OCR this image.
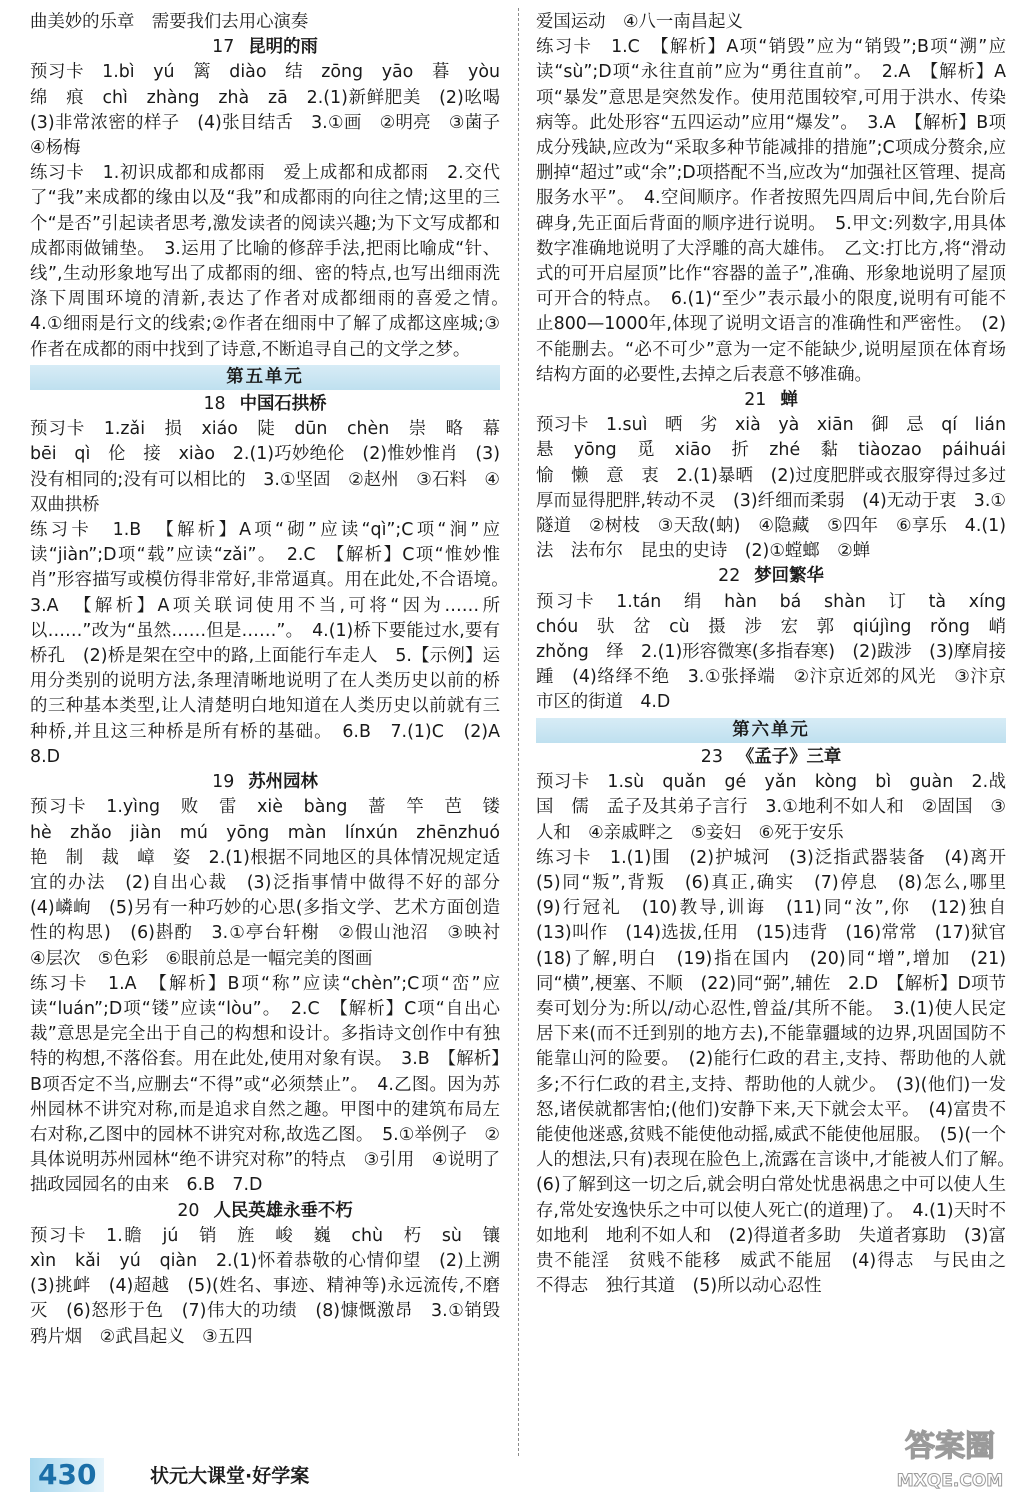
曲美妙的乐章　需要我们去用心演奏

17 昆明的雨

预习卡　1.bì　yú　篱　diào　结　zōng　yāo　暮　yòu　绵　痕　chì　zhàng　zhà　zā　2.(1)新鲜肥美　(2)吆喝　(3)非常浓密的样子　(4)张目结舌　3.①画　②明亮　③菌子　④杨梅

练习卡　1.初识成都和成都雨　爱上成都和成都雨　2.交代了“我”来成都的缘由以及“我”和成都雨的向往之情;这里的三个“是否”引起读者思考,激发读者的阅读兴趣;为下文写成都和成都雨做铺垫。　3.运用了比喻的修辞手法,把雨比喻成“针、线”,生动形象地写出了成都雨的细、密的特点,也写出细雨洗涤下周围环境的清新,表达了作者对成都细雨的喜爱之情。　4.①细雨是行文的线索;②作者在细雨中了解了成都这座城;③作者在成都的雨中找到了诗意,不断追寻自己的文学之梦。

第五单元

18 中国石拱桥

预习卡　1.zǎi　损　xiáo　陡　dūn　chèn　崇　略　幕　bēi　qì　伦　接　xiào　2.(1)巧妙绝伦　(2)惟妙惟肖　(3)没有相同的;没有可以相比的　3.①坚固　②赵州　③石料　④双曲拱桥

练习卡　1.B　【解析】A项“砌”应读“qì”;C项“涧”应读“jiàn”;D项“载”应读“zǎi”。　2.C　【解析】C项“惟妙惟肖”形容描写或模仿得非常好,非常逼真。用在此处,不合语境。　3.A　【解析】A项关联词使用不当,可将“因为……所以……”改为“虽然……但是……”。　4.(1)桥下要能过水,要有桥孔　(2)桥是架在空中的路,上面能行车走人　5.【示例】运用分类别的说明方法,条理清晰地说明了在人类历史以前的桥的三种基本类型,让人清楚明白地知道在人类历史以前就有三种桥,并且这三种桥是所有桥的基础。　6.B　7.(1)C　(2)A　8.D

19 苏州园林

预习卡　1.yìng　败　雷　xiè　bàng　蔷　竿　芭　镂　hè　zhǎo　jiàn　mú　yōng　màn　línxún　zhēnzhuó　艳　制　裁　嶂　姿　2.(1)根据不同地区的具体情况规定适宜的办法　(2)自出心裁　(3)泛指事情中做得不好的部分　(4)嶙峋　(5)另有一种巧妙的心思(多指文学、艺术方面创造性的构思)　(6)斟酌　3.①亭台轩榭　②假山池沼　③映衬　④层次　⑤色彩　⑥眼前总是一幅完美的图画

练习卡　1.A　【解析】B项“称”应读“chèn”;C项“峦”应读“luán”;D项“镂”应读“lòu”。　2.C　【解析】C项“自出心裁”意思是完全出于自己的构想和设计。多指诗文创作中有独特的构想,不落俗套。用在此处,使用对象有误。　3.B　【解析】B项否定不当,应删去“不得”或“必须禁止”。　4.乙图。因为苏州园林不讲究对称,而是追求自然之趣。甲图中的建筑布局左右对称,乙图中的园林不讲究对称,故选乙图。　5.①举例子　②具体说明苏州园林“绝不讲究对称”的特点　③引用　④说明了拙政园园名的由来　6.B　7.D

20 人民英雄永垂不朽

预习卡　1.瞻　jú　销　旌　峻　巍　chù　朽　sù　镶　xìn　kǎi　yú　qiàn　2.(1)怀着恭敬的心情仰望　(2)上溯　(3)挑衅　(4)超越　(5)(姓名、事迹、精神等)永远流传,不磨灭　(6)怒形于色　(7)伟大的功绩　(8)慷慨激昂　3.①销毁鸦片烟　②武昌起义　③五四

爱国运动　④八一南昌起义

练习卡　1.C　【解析】A项“销毁”应为“销毁”;B项“溯”应读“sù”;D项“永往直前”应为“勇往直前”。　2.A　【解析】A项“暴发”意思是突然发作。使用范围较窄,可用于洪水、传染病等。此处形容“五四运动”应用“爆发”。　3.A　【解析】B项成分残缺,应改为“采取多种节能减排的措施”;C项成分赘余,应删掉“超过”或“余”;D项搭配不当,应改为“加强社区管理、提高服务水平”。　4.空间顺序。作者按照先四周后中间,先台阶后碑身,先正面后背面的顺序进行说明。　5.甲文:列数字,用具体数字准确地说明了大浮雕的高大雄伟。　乙文:打比方,将“滑动式的可开启屋顶”比作“容器的盖子”,准确、形象地说明了屋顶可开合的特点。　6.(1)“至少”表示最小的限度,说明有可能不止800—1000年,体现了说明文语言的准确性和严密性。　(2)不能删去。“必不可少”意为一定不能缺少,说明屋顶在体育场结构方面的必要性,去掉之后表意不够准确。

21 蝉

预习卡　1.suì　晒　劣　xià　yà　xiān　御　忌　qí　lián　悬　yōng　觅　xiāo　折　zhé　黏　tiàozao　páihuái　愉　懒　意　衷　2.(1)暴晒　(2)过度肥胖或衣服穿得过多过厚而显得肥胖,转动不灵　(3)纤细而柔弱　(4)无动于衷　3.①隧道　②树枝　③天敌(蚋)　④隐藏　⑤四年　⑥享乐　4.(1)法　法布尔　昆虫的史诗　(2)①螳螂　②蝉

22 梦回繁华

预习卡　1.tán　绢　hàn　bá　shàn　订　tà　xíng　chóu　驮　岔　cù　摄　涉　宏　郭　qiújìng　rǒng　峭　zhǒng　绎　2.(1)形容微寒(多指春寒)　(2)跋涉　(3)摩肩接踵　(4)络绎不绝　3.①张择端　②汴京近郊的风光　③汴京市区的街道　4.D

第六单元

23 《孟子》三章

预习卡　1.sù　quǎn　gé　yǎn　kòng　bì　guàn　2.战国　儒　孟子及其弟子言行　3.①地利不如人和　②固国　③人和　④亲戚畔之　⑤妾妇　⑥死于安乐

练习卡　1.(1)围　(2)护城河　(3)泛指武器装备　(4)离开　(5)同“叛”,背叛　(6)真正,确实　(7)停息　(8)怎么,哪里　(9)行冠礼　(10)教导,训诲　(11)同“汝”,你　(12)独自　(13)叫作　(14)选拔,任用　(15)违背　(16)常常　(17)狱官　(18)了解,明白　(19)指在国内　(20)同“增”,增加　(21)同“横”,梗塞、不顺　(22)同“弼”,辅佐　2.D　【解析】D项节奏可划分为:所以/动心忍性,曾益/其所不能。　3.(1)使人民定居下来(而不迁到别的地方去),不能靠疆域的边界,巩固国防不能靠山河的险要。　(2)能行仁政的君主,支持、帮助他的人就多;不行仁政的君主,支持、帮助他的人就少。　(3)(他们)一发怒,诸侯就都害怕;(他们)安静下来,天下就会太平。　(4)富贵不能使他迷惑,贫贱不能使他动摇,威武不能使他屈服。　(5)(一个人的想法,只有)表现在脸色上,流露在言谈中,才能被人们了解。　(6)了解到这一切之后,就会明白常处忧患祸患之中可以使人生存,常处安逸快乐之中可以使人死亡(的道理)了。　4.(1)天时不如地利　地利不如人和　(2)得道者多助　失道者寡助　(3)富贵不能淫　贫贱不能移　威武不能屈　(4)得志　与民由之　不得志　独行其道　(5)所以动心忍性

430	状元大课堂·好学案
答案圈
MXQE.COM
